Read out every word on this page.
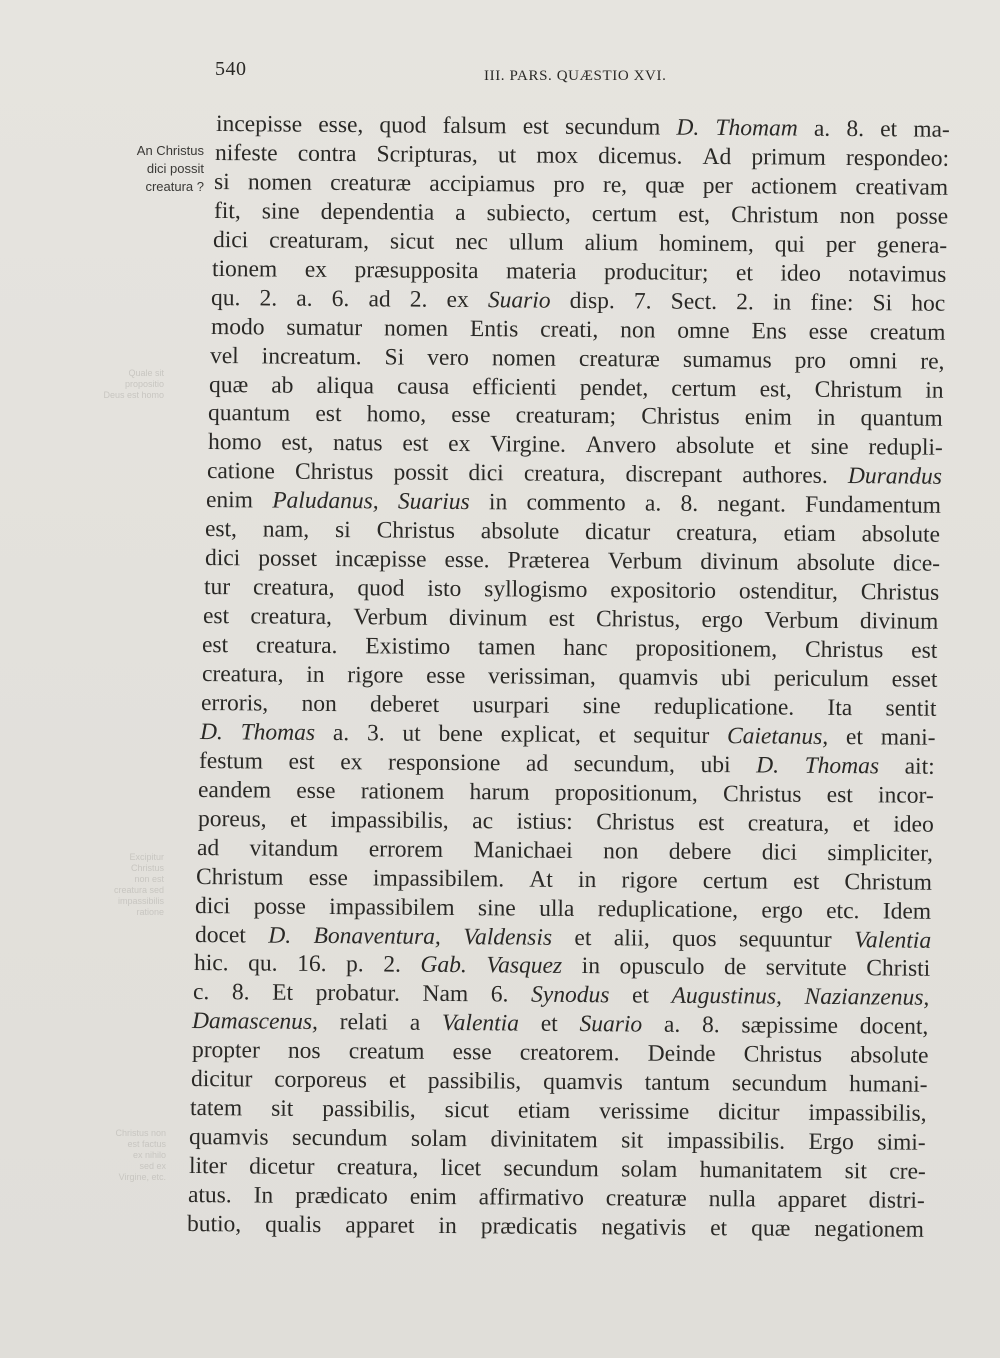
540	III. PARS. QUÆSTIO XVI.
An Christus
dici possit
creatura ?
Quale sit
propositio
Deus est homo
Excipitur
Christus
non est
creatura sed
impassibilis
ratione
Christus non
est factus
ex nihilo
sed ex
Virgine, etc.
incepisse esse, quod falsum est secundum D. Thomam a. 8. et ma-
nifeste contra Scripturas, ut mox dicemus. Ad primum respondeo:
si nomen creaturæ accipiamus pro re, quæ per actionem creativam
fit, sine dependentia a subiecto, certum est, Christum non posse
dici creaturam, sicut nec ullum alium hominem, qui per genera-
tionem ex præsupposita materia producitur; et ideo notavimus
qu. 2. a. 6. ad 2. ex Suario disp. 7. Sect. 2. in fine: Si hoc
modo sumatur nomen Entis creati, non omne Ens esse creatum
vel increatum. Si vero nomen creaturæ sumamus pro omni re,
quæ ab aliqua causa efficienti pendet, certum est, Christum in
quantum est homo, esse creaturam; Christus enim in quantum
homo est, natus est ex Virgine. Anvero absolute et sine redupli-
catione Christus possit dici creatura, discrepant authores. Durandus
enim Paludanus, Suarius in commento a. 8. negant. Fundamentum
est, nam, si Christus absolute dicatur creatura, etiam absolute
dici posset incæpisse esse. Præterea Verbum divinum absolute dice-
tur creatura, quod isto syllogismo expositorio ostenditur, Christus
est creatura, Verbum divinum est Christus, ergo Verbum divinum
est creatura. Existimo tamen hanc propositionem, Christus est
creatura, in rigore esse verissiman, quamvis ubi periculum esset
erroris, non deberet usurpari sine reduplicatione. Ita sentit
D. Thomas a. 3. ut bene explicat, et sequitur Caietanus, et mani-
festum est ex responsione ad secundum, ubi D. Thomas ait:
eandem esse rationem harum propositionum, Christus est incor-
poreus, et impassibilis, ac istius: Christus est creatura, et ideo
ad vitandum errorem Manichaei non debere dici simpliciter,
Christum esse impassibilem. At in rigore certum est Christum
dici posse impassibilem sine ulla reduplicatione, ergo etc. Idem
docet D. Bonaventura, Valdensis et alii, quos sequuntur Valentia
hic. qu. 16. p. 2. Gab. Vasquez in opusculo de servitute Christi
c. 8. Et probatur. Nam 6. Synodus et Augustinus, Nazianzenus,
Damascenus, relati a Valentia et Suario a. 8. sæpissime docent,
propter nos creatum esse creatorem. Deinde Christus absolute
dicitur corporeus et passibilis, quamvis tantum secundum humani-
tatem sit passibilis, sicut etiam verissime dicitur impassibilis,
quamvis secundum solam divinitatem sit impassibilis. Ergo simi-
liter dicetur creatura, licet secundum solam humanitatem sit cre-
atus. In prædicato enim affirmativo creaturæ nulla apparet distri-
butio, qualis apparet in prædicatis negativis et quæ negationem
